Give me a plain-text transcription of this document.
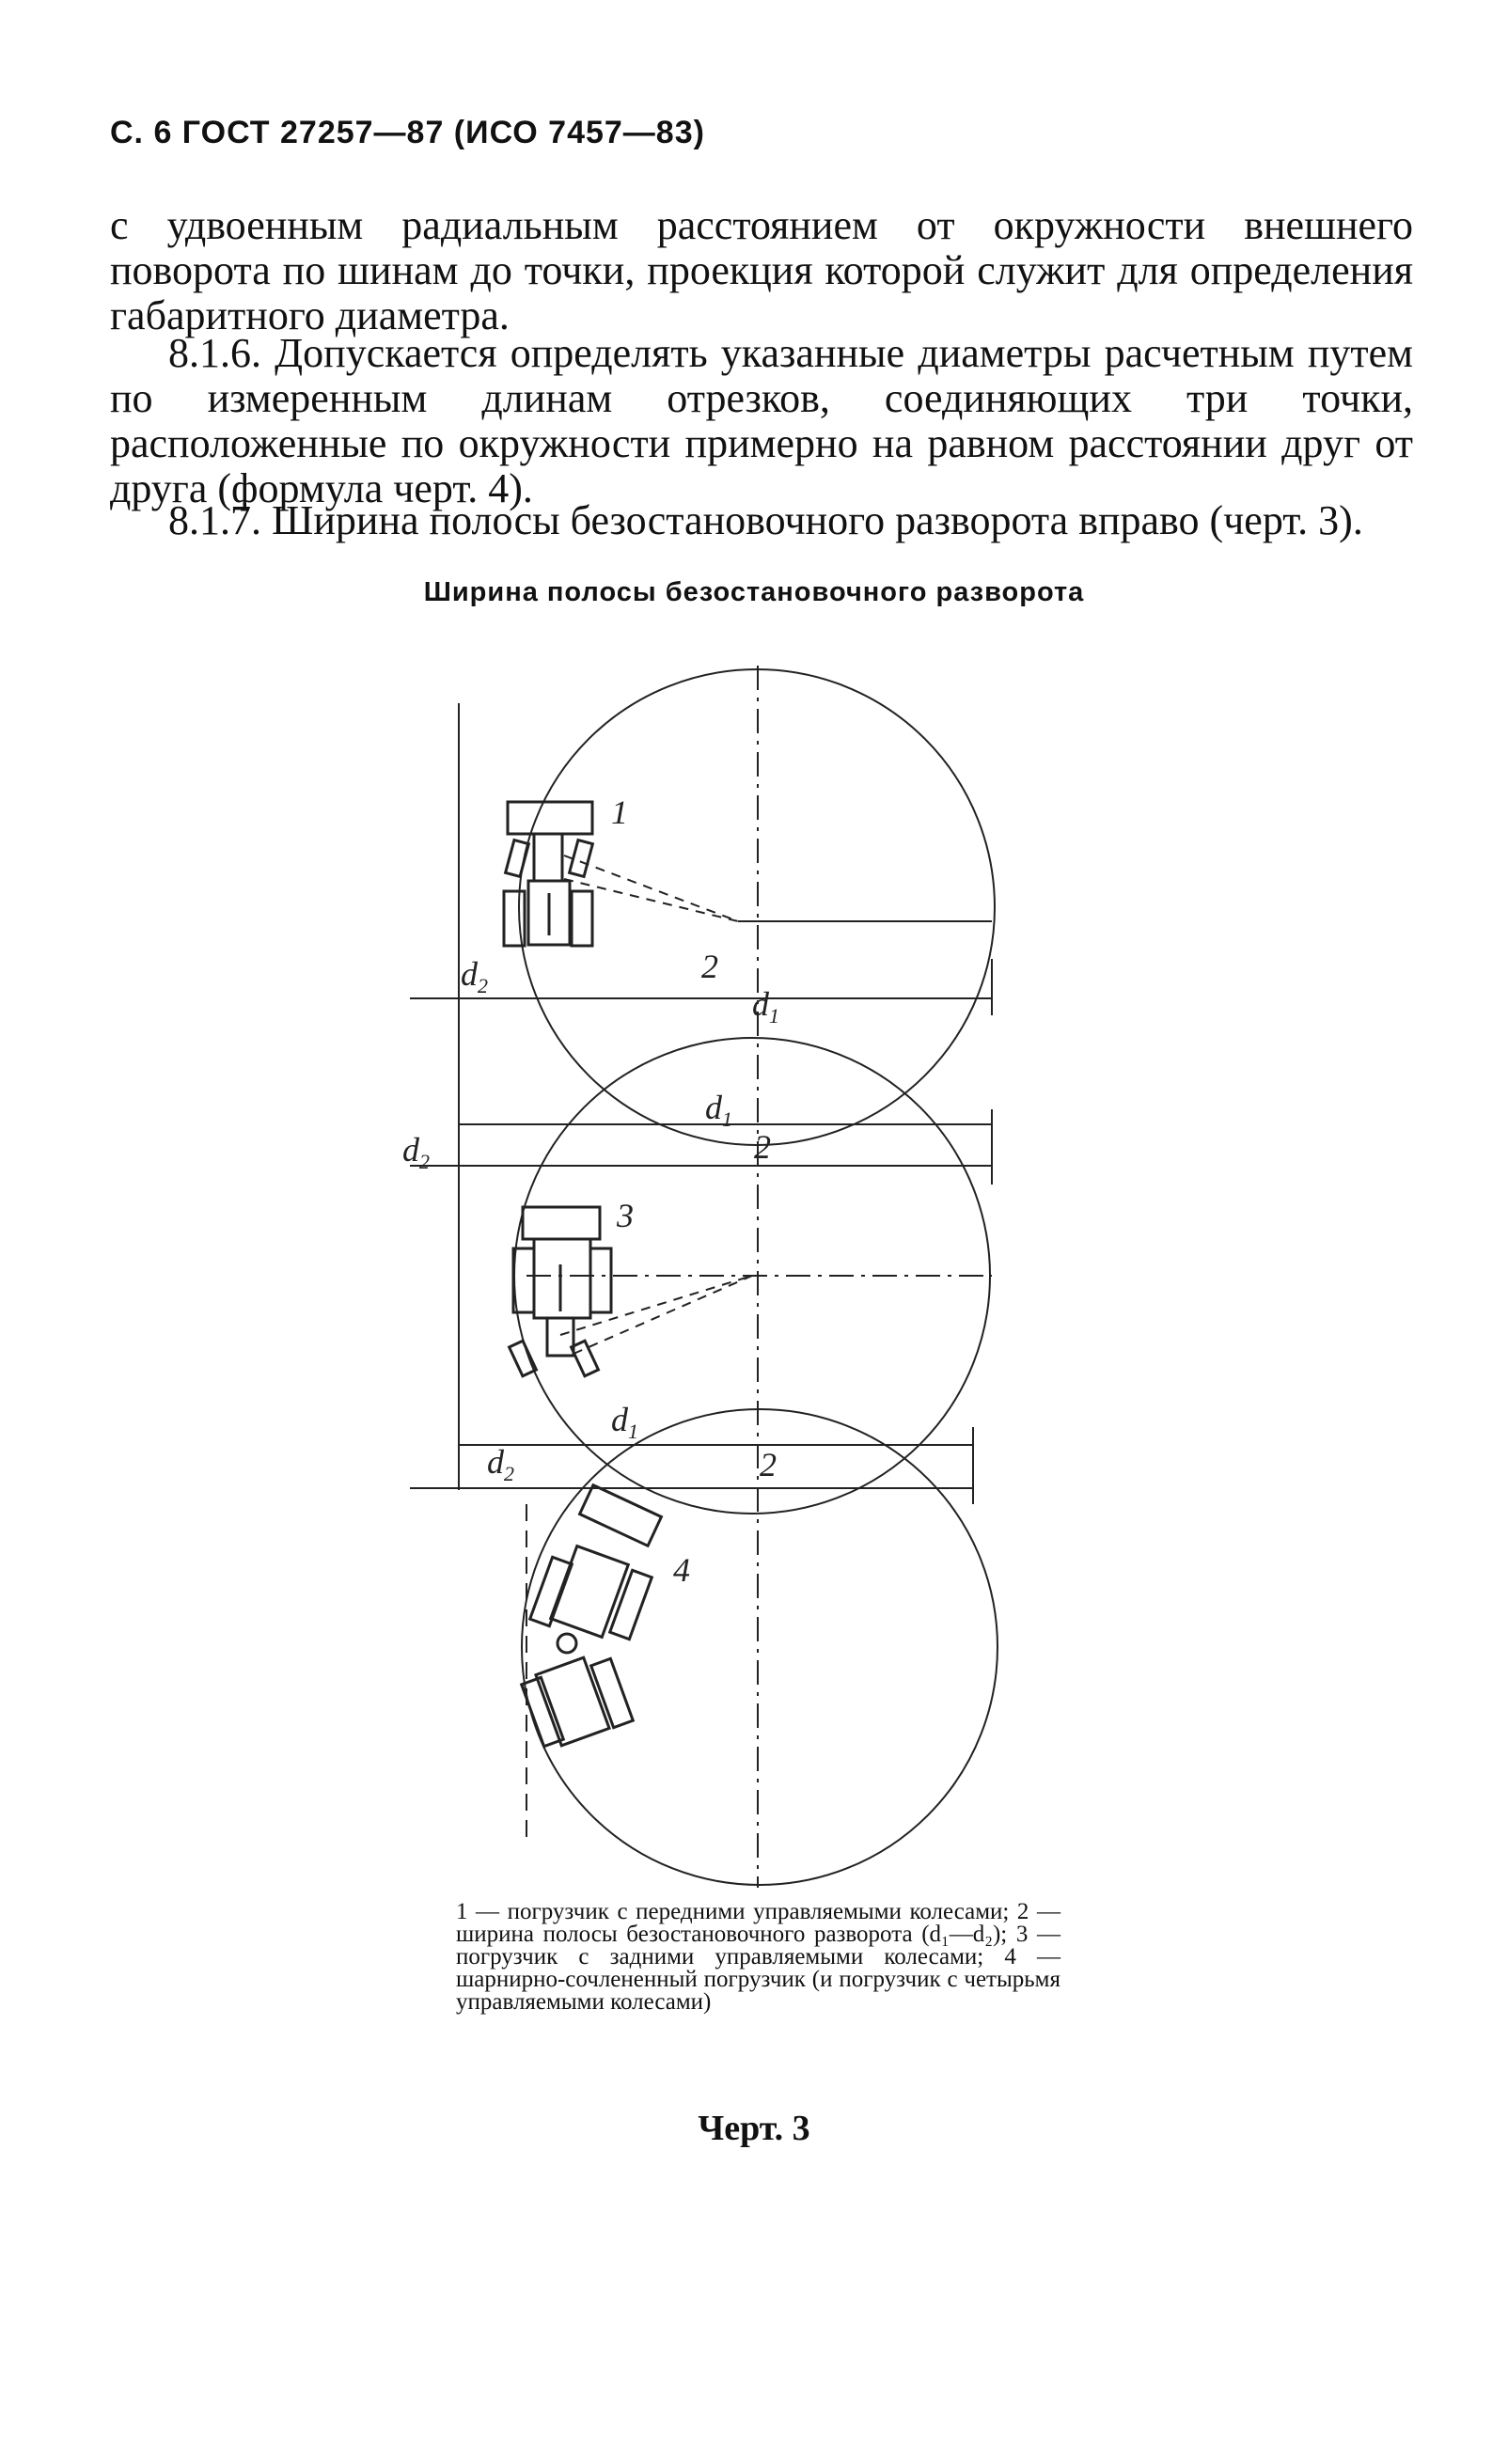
С. 6 ГОСТ 27257—87 (ИСО 7457—83)
с удвоенным радиальным расстоянием от окружности внешнего поворота по шинам до точки, проекция которой служит для определения габаритного диаметра.
8.1.6. Допускается определять указанные диаметры расчетным путем по измеренным длинам отрезков, соединяющих три точки, расположенные по окружности примерно на равном расстоянии друг от друга (формула черт. 4).
8.1.7. Ширина полосы безостановочного разворота вправо (черт. 3).
Ширина полосы безостановочного разворота
1
2
2
2
3
4
d 1
d 2
d 1
d 2
d 1
d 2
1 — погрузчик с передними управляемыми колесами; 2 — ширина полосы безостановочного разворота (d₁—d₂); 3 — погрузчик с задними управляемыми колесами; 4 — шарнирно-сочлененный погрузчик (и погрузчик с четырьмя управляемыми колесами)
Черт. 3
